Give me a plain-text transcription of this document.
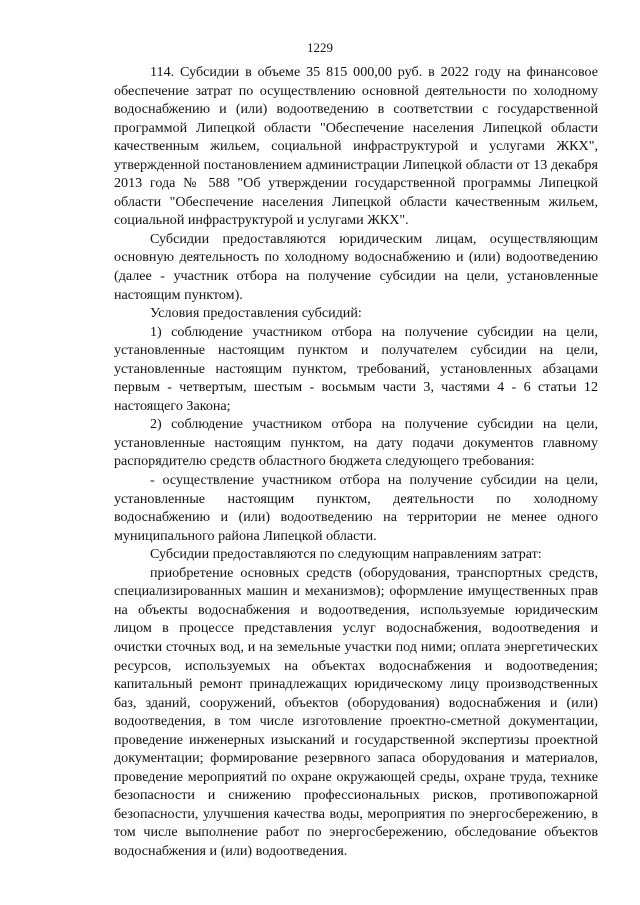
1229

114. Субсидии в объеме 35 815 000,00 руб. в 2022 году на финансовое обеспечение затрат по осуществлению основной деятельности по холодному водоснабжению и (или) водоотведению в соответствии с государственной программой Липецкой области "Обеспечение населения Липецкой области качественным жильем, социальной инфраструктурой и услугами ЖКХ", утвержденной постановлением администрации Липецкой области от 13 декабря 2013 года № 588 "Об утверждении государственной программы Липецкой области "Обеспечение населения Липецкой области качественным жильем, социальной инфраструктурой и услугами ЖКХ".

Субсидии предоставляются юридическим лицам, осуществляющим основную деятельность по холодному водоснабжению и (или) водоотведению (далее - участник отбора на получение субсидии на цели, установленные настоящим пунктом).

Условия предоставления субсидий:

1) соблюдение участником отбора на получение субсидии на цели, установленные настоящим пунктом и получателем субсидии на цели, установленные настоящим пунктом, требований, установленных абзацами первым - четвертым, шестым - восьмым части 3, частями 4 - 6 статьи 12 настоящего Закона;

2) соблюдение участником отбора на получение субсидии на цели, установленные настоящим пунктом, на дату подачи документов главному распорядителю средств областного бюджета следующего требования:

- осуществление участником отбора на получение субсидии на цели, установленные настоящим пунктом, деятельности по холодному водоснабжению и (или) водоотведению на территории не менее одного муниципального района Липецкой области.

Субсидии предоставляются по следующим направлениям затрат:

приобретение основных средств (оборудования, транспортных средств, специализированных машин и механизмов); оформление имущественных прав на объекты водоснабжения и водоотведения, используемые юридическим лицом в процессе представления услуг водоснабжения, водоотведения и очистки сточных вод, и на земельные участки под ними; оплата энергетических ресурсов, используемых на объектах водоснабжения и водоотведения; капитальный ремонт принадлежащих юридическому лицу производственных баз, зданий, сооружений, объектов (оборудования) водоснабжения и (или) водоотведения, в том числе изготовление проектно-сметной документации, проведение инженерных изысканий и государственной экспертизы проектной документации; формирование резервного запаса оборудования и материалов, проведение мероприятий по охране окружающей среды, охране труда, технике безопасности и снижению профессиональных рисков, противопожарной безопасности, улучшения качества воды, мероприятия по энергосбережению, в том числе выполнение работ по энергосбережению, обследование объектов водоснабжения и (или) водоотведения.
